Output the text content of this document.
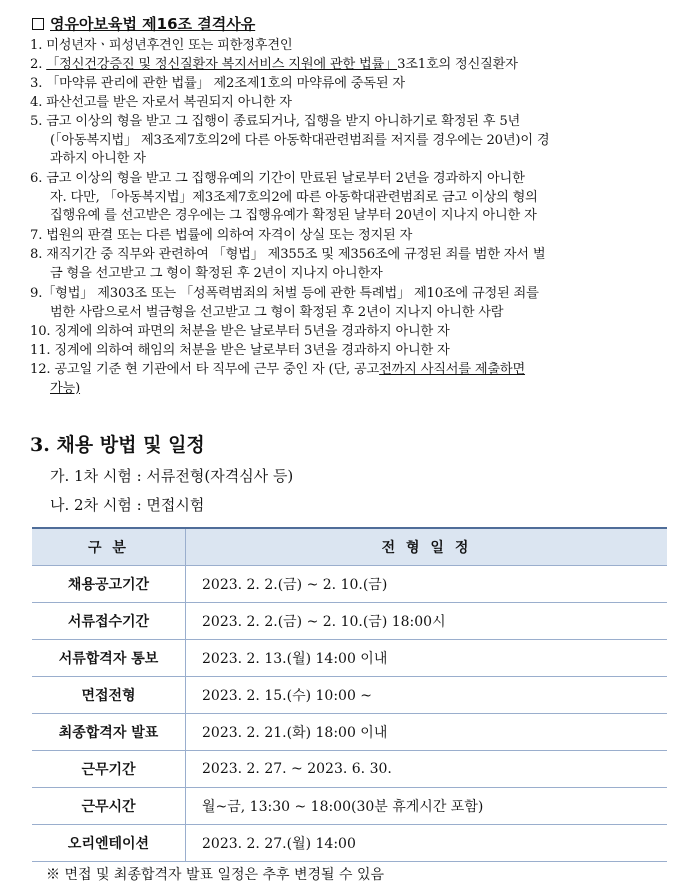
영유아보육법 제16조 결격사유
1. 미성년자ㆍ피성년후견인 또는 피한정후견인
2. 「정신건강증진 및 정신질환자 복지서비스 지원에 관한 법률」3조1호의 정신질환자
3. 「마약류 관리에 관한 법률」 제2조제1호의 마약류에 중독된 자
4. 파산선고를 받은 자로서 복권되지 아니한 자
5. 금고 이상의 형을 받고 그 집행이 종료되거나, 집행을 받지 아니하기로 확정된 후 5년
(「아동복지법」 제3조제7호의2에 다른 아동학대관련범죄를 저지를 경우에는 20년)이 경
과하지 아니한 자
6. 금고 이상의 형을 받고 그 집행유예의 기간이 만료된 날로부터 2년을 경과하지 아니한
자. 다만, 「아동복지법」제3조제7호의2에 따른 아동학대관련범죄로 금고 이상의 형의
집행유예 를 선고받은 경우에는 그 집행유예가 확정된 날부터 20년이 지나지 아니한 자
7. 법원의 판결 또는 다른 법률에 의하여 자격이 상실 또는 정지된 자
8. 재직기간 중 직무와 관련하여 「형법」 제355조 및 제356조에 규정된 죄를 범한 자서 벌
금 형을 선고받고 그 형이 확정된 후 2년이 지나지 아니한자
9.「형법」 제303조 또는 「성폭력범죄의 처벌 등에 관한 특례법」 제10조에 규정된 죄를
범한 사람으로서 벌금형을 선고받고 그 형이 확정된 후 2년이 지나지 아니한 사람
10. 징계에 의하여 파면의 처분을 받은 날로부터 5년을 경과하지 아니한 자
11. 징계에 의하여 해임의 처분을 받은 날로부터 3년을 경과하지 아니한 자
12. 공고일 기준 현 기관에서 타 직무에 근무 중인 자 (단, 공고전까지 사직서를 제출하면
가능)
3. 채용 방법 및 일정
가. 1차 시험 : 서류전형(자격심사 등)
나. 2차 시험 : 면접시험
구 분	전 형 일 정
채용공고기간	2023. 2. 2.(금) ~ 2. 10.(금)
서류접수기간	2023. 2. 2.(금) ~ 2. 10.(금) 18:00시
서류합격자 통보	2023. 2. 13.(월) 14:00 이내
면접전형	2023. 2. 15.(수) 10:00 ~
최종합격자 발표	2023. 2. 21.(화) 18:00 이내
근무기간	2023. 2. 27. ~ 2023. 6. 30.
근무시간	월~금, 13:30 ~ 18:00(30분 휴게시간 포함)
오리엔테이션	2023. 2. 27.(월) 14:00
※ 면접 및 최종합격자 발표 일정은 추후 변경될 수 있음
